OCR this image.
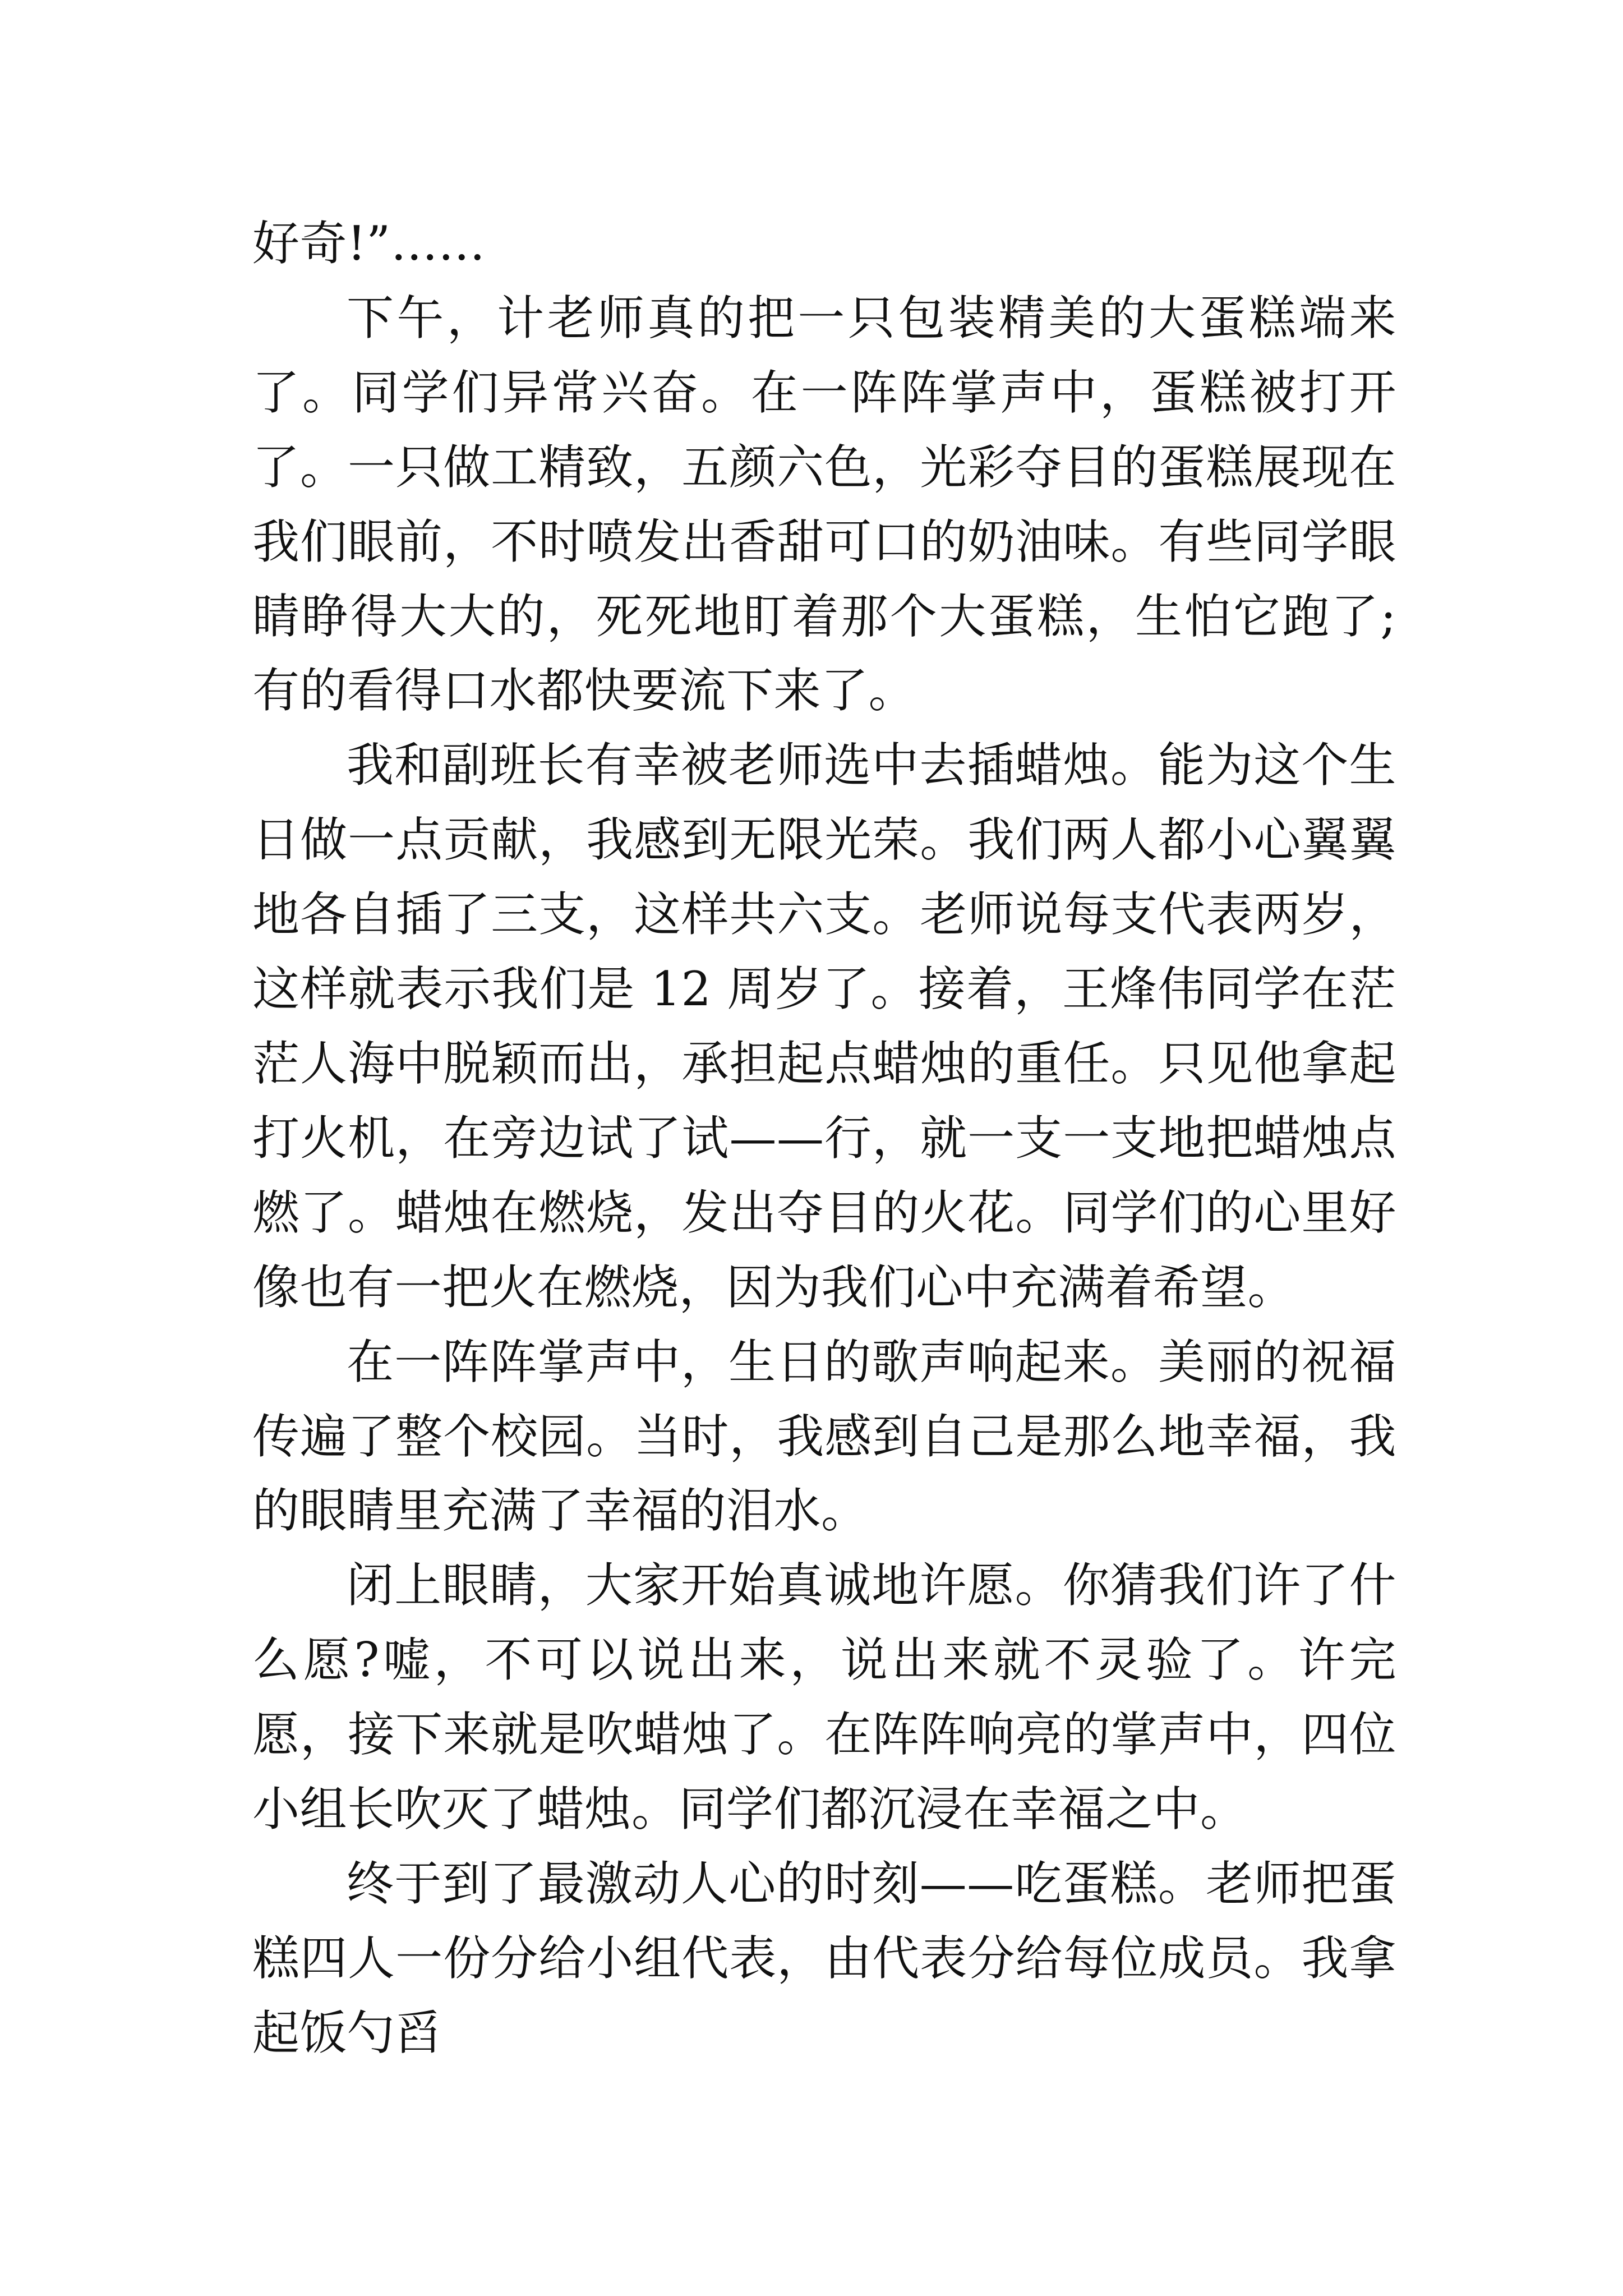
好奇!”……

下午，计老师真的把一只包装精美的大蛋糕端来了。同学们异常兴奋。在一阵阵掌声中，蛋糕被打开了。一只做工精致，五颜六色，光彩夺目的蛋糕展现在我们眼前，不时喷发出香甜可口的奶油味。有些同学眼睛睁得大大的，死死地盯着那个大蛋糕，生怕它跑了;有的看得口水都快要流下来了。

我和副班长有幸被老师选中去插蜡烛。能为这个生日做一点贡献，我感到无限光荣。我们两人都小心翼翼地各自插了三支，这样共六支。老师说每支代表两岁，这样就表示我们是 12 周岁了。接着，王烽伟同学在茫茫人海中脱颖而出，承担起点蜡烛的重任。只见他拿起打火机，在旁边试了试——行，就一支一支地把蜡烛点燃了。蜡烛在燃烧，发出夺目的火花。同学们的心里好像也有一把火在燃烧，因为我们心中充满着希望。

在一阵阵掌声中，生日的歌声响起来。美丽的祝福传遍了整个校园。当时，我感到自己是那么地幸福，我的眼睛里充满了幸福的泪水。

闭上眼睛，大家开始真诚地许愿。你猜我们许了什么愿?嘘，不可以说出来，说出来就不灵验了。许完愿，接下来就是吹蜡烛了。在阵阵响亮的掌声中，四位小组长吹灭了蜡烛。同学们都沉浸在幸福之中。

终于到了最激动人心的时刻——吃蛋糕。老师把蛋糕四人一份分给小组代表，由代表分给每位成员。我拿起饭勺舀
